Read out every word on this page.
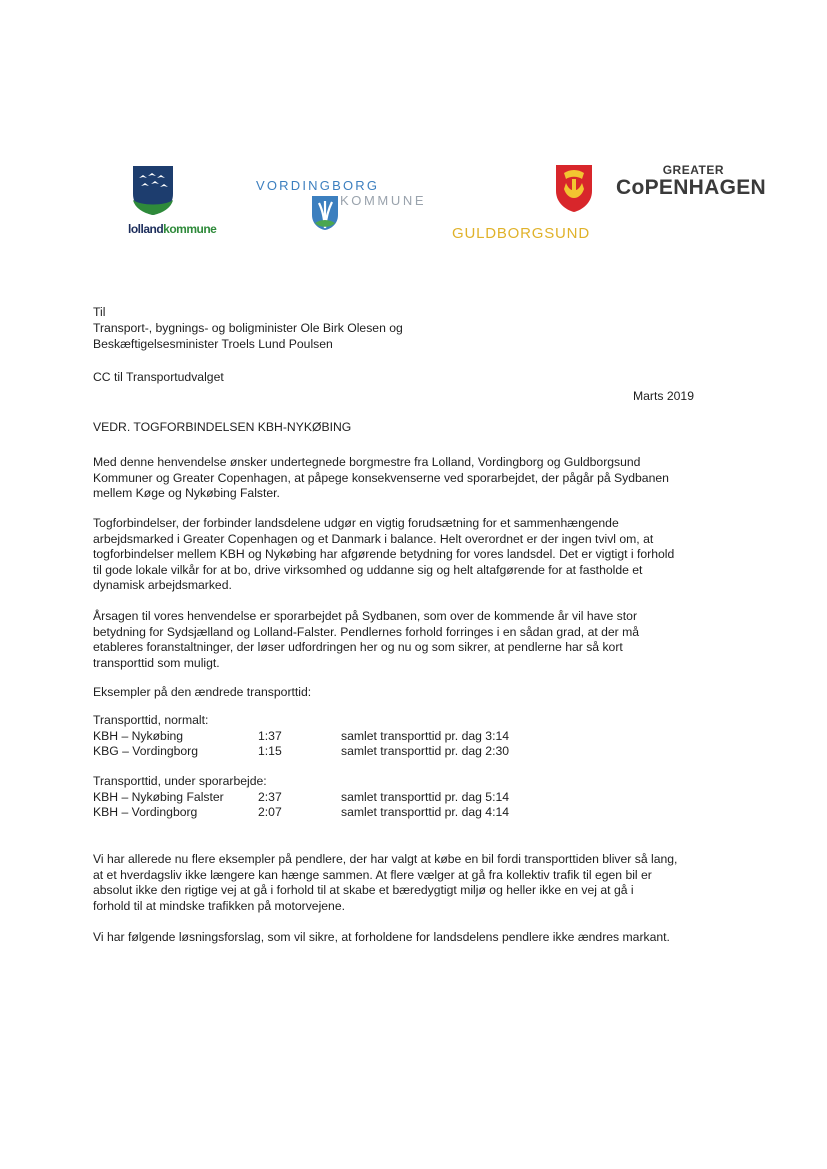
lollandkommune
VORDINGBORG
KOMMUNE
GULDBORGSUND
GREATER
CoPENHAGEN
Til
Transport-, bygnings- og boligminister Ole Birk Olesen og
Beskæftigelsesminister Troels Lund Poulsen
CC til Transportudvalget
Marts 2019
VEDR. TOGFORBINDELSEN KBH-NYKØBING
Med denne henvendelse ønsker undertegnede borgmestre fra Lolland, Vordingborg og Guldborgsund
Kommuner og Greater Copenhagen, at påpege konsekvenserne ved sporarbejdet, der pågår på Sydbanen
mellem Køge og Nykøbing Falster.
Togforbindelser, der forbinder landsdelene udgør en vigtig forudsætning for et sammenhængende
arbejdsmarked i Greater Copenhagen og et Danmark i balance. Helt overordnet er der ingen tvivl om, at
togforbindelser mellem KBH og Nykøbing har afgørende betydning for vores landsdel. Det er vigtigt i forhold
til gode lokale vilkår for at bo, drive virksomhed og uddanne sig og helt altafgørende for at fastholde et
dynamisk arbejdsmarked.
Årsagen til vores henvendelse er sporarbejdet på Sydbanen, som over de kommende år vil have stor
betydning for Sydsjælland og Lolland-Falster. Pendlernes forhold forringes i en sådan grad, at der må
etableres foranstaltninger, der løser udfordringen her og nu og som sikrer, at pendlerne har så kort
transporttid som muligt.
Eksempler på den ændrede transporttid:
Transporttid, normalt:
KBH – Nykøbing	1:37	samlet transporttid pr. dag 3:14
KBG – Vordingborg	1:15	samlet transporttid pr. dag 2:30
Transporttid, under sporarbejde:
KBH – Nykøbing Falster	2:37	samlet transporttid pr. dag 5:14
KBH – Vordingborg	2:07	samlet transporttid pr. dag 4:14
Vi har allerede nu flere eksempler på pendlere, der har valgt at købe en bil fordi transporttiden bliver så lang,
at et hverdagsliv ikke længere kan hænge sammen. At flere vælger at gå fra kollektiv trafik til egen bil er
absolut ikke den rigtige vej at gå i forhold til at skabe et bæredygtigt miljø og heller ikke en vej at gå i
forhold til at mindske trafikken på motorvejene.
Vi har følgende løsningsforslag, som vil sikre, at forholdene for landsdelens pendlere ikke ændres markant.
